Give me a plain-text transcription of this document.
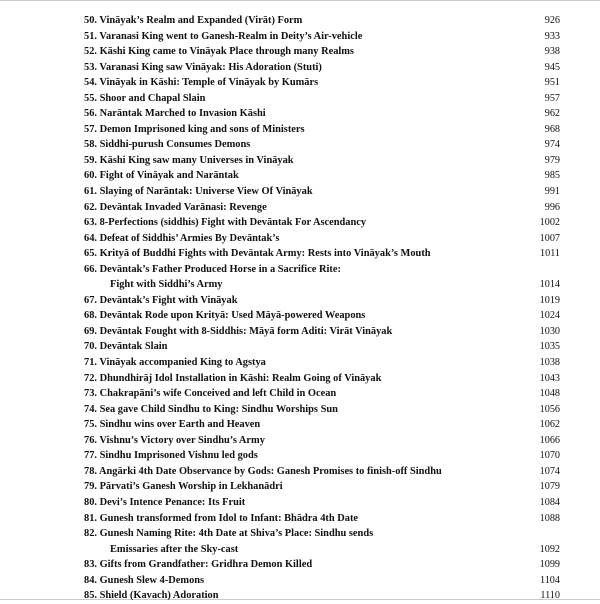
50. Vināyak’s Realm and Expanded (Virāt) Form	926
51. Varanasi King went to Ganesh-Realm in Deity’s Air-vehicle	933
52. Kāshi King came to Vināyak Place through many Realms	938
53. Varanasi King saw Vināyak: His Adoration (Stuti)	945
54. Vināyak in Kāshi: Temple of Vināyak by Kumārs	951
55. Shoor and Chapal Slain	957
56. Narāntak Marched to Invasion Kāshi	962
57. Demon Imprisoned king and sons of Ministers	968
58. Siddhi-purush Consumes Demons	974
59. Kāshi King saw many Universes in Vināyak	979
60. Fight of Vināyak and Narāntak	985
61. Slaying of Narāntak: Universe View Of Vināyak	991
62. Devāntak Invaded Varānasi: Revenge	996
63. 8-Perfections (siddhis) Fight with Devāntak For Ascendancy	1002
64. Defeat of Siddhis’ Armies By Devāntak’s	1007
65. Krityā of Buddhi Fights with Devāntak Army: Rests into Vināyak’s Mouth	1011
66. Devāntak’s Father Produced Horse in a Sacrifice Rite:
Fight with Siddhi’s Army	1014
67. Devāntak’s Fight with Vināyak	1019
68. Devāntak Rode upon Krityā: Used Māyā-powered Weapons	1024
69. Devāntak Fought with 8-Siddhis: Māyā form Aditi: Virāt Vināyak	1030
70. Devāntak Slain	1035
71. Vināyak accompanied King to Agstya	1038
72. Dhundhirāj Idol Installation in Kāshi: Realm Going of Vināyak	1043
73. Chakrapāni’s wife Conceived and left Child in Ocean	1048
74. Sea gave Child Sindhu to King: Sindhu Worships Sun	1056
75. Sindhu wins over Earth and Heaven	1062
76. Vishnu’s Victory over Sindhu’s Army	1066
77. Sindhu Imprisoned Vishnu led gods	1070
78. Angārki 4th Date Observance by Gods: Ganesh Promises to finish-off Sindhu	1074
79. Pārvati’s Ganesh Worship in Lekhanādri	1079
80. Devi’s Intence Penance: Its Fruit	1084
81. Gunesh transformed from Idol to Infant: Bhādra 4th Date	1088
82. Gunesh Naming Rite: 4th Date at Shiva’s Place: Sindhu sends
Emissaries after the Sky-cast	1092
83. Gifts from Grandfather: Gridhra Demon Killed	1099
84. Gunesh Slew 4-Demons	1104
85. Shield (Kavach) Adoration	1110
